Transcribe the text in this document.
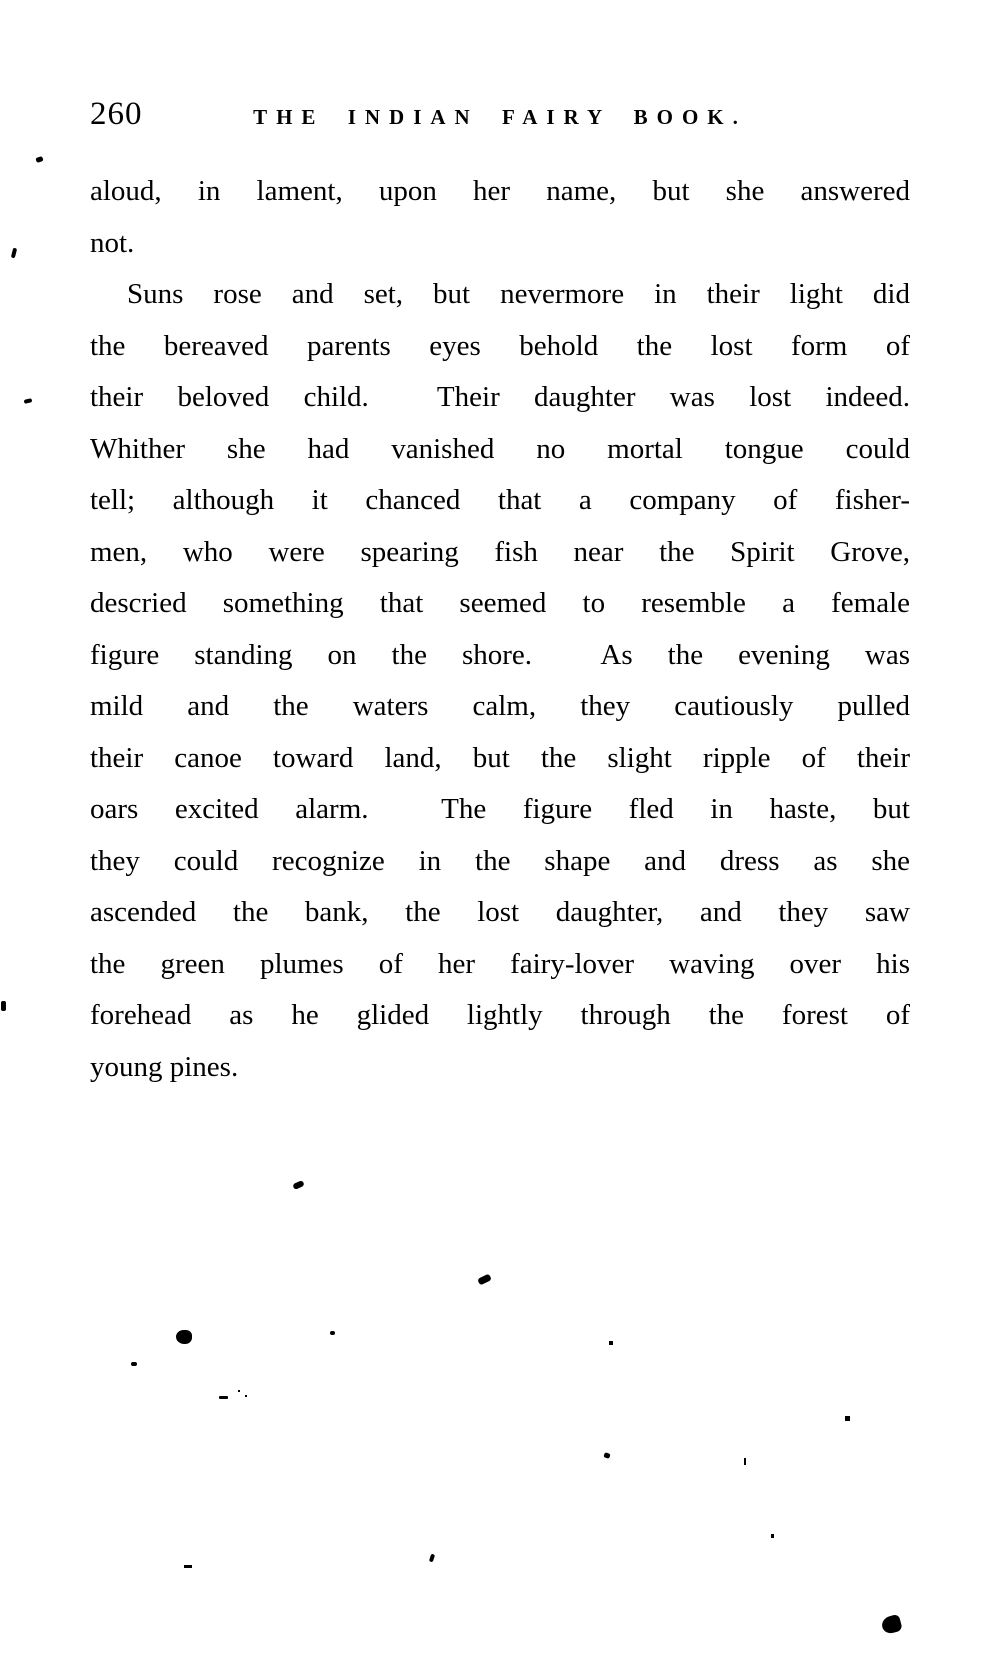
260	THE INDIAN FAIRY BOOK.
aloud, in lament, upon her name, but she answered
not.
Suns rose and set, but nevermore in their light did
the bereaved parents eyes behold the lost form of
their beloved child.  Their daughter was lost indeed.
Whither she had vanished no mortal tongue could
tell; although it chanced that a company of fisher-
men, who were spearing fish near the Spirit Grove,
descried something that seemed to resemble a female
figure standing on the shore.  As the evening was
mild and the waters calm, they cautiously pulled
their canoe toward land, but the slight ripple of their
oars excited alarm.  The figure fled in haste, but
they could recognize in the shape and dress as she
ascended the bank, the lost daughter, and they saw
the green plumes of her fairy-lover waving over his
forehead as he glided lightly through the forest of
young pines.
